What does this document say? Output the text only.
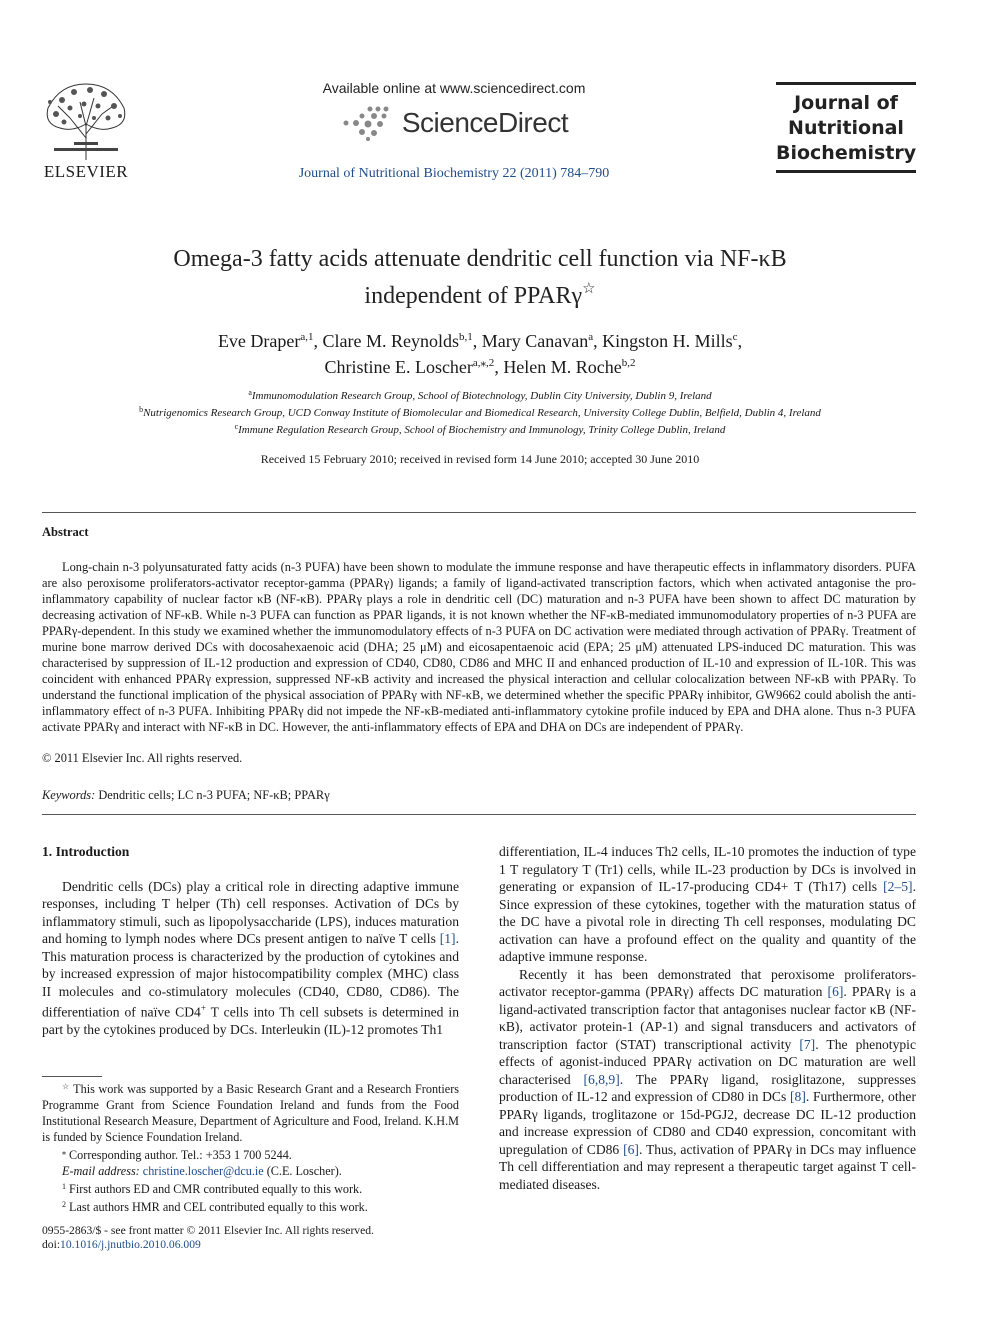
ELSEVIER
Available online at www.sciencedirect.com
ScienceDirect
Journal of Nutritional Biochemistry 22 (2011) 784–790
Journal of
Nutritional
Biochemistry
Omega-3 fatty acids attenuate dendritic cell function via NF-κB
independent of PPARγ☆
Eve Draper$^{a,1}$, Clare M. Reynolds$^{b,1}$, Mary Canavan$^a$, Kingston H. Mills$^c$,
Christine E. Loscher$^{a,⁎,2}$, Helen M. Roche$^{b,2}$
$^a$Immunomodulation Research Group, School of Biotechnology, Dublin City University, Dublin 9, Ireland
$^b$Nutrigenomics Research Group, UCD Conway Institute of Biomolecular and Biomedical Research, University College Dublin, Belfield, Dublin 4, Ireland
$^c$Immune Regulation Research Group, School of Biochemistry and Immunology, Trinity College Dublin, Ireland
Received 15 February 2010; received in revised form 14 June 2010; accepted 30 June 2010
Abstract
Long-chain n-3 polyunsaturated fatty acids (n-3 PUFA) have been shown to modulate the immune response and have therapeutic effects in inflammatory disorders. PUFA are also peroxisome proliferators-activator receptor-gamma (PPARγ) ligands; a family of ligand-activated transcription factors, which when activated antagonise the pro-inflammatory capability of nuclear factor κB (NF-κB). PPARγ plays a role in dendritic cell (DC) maturation and n-3 PUFA have been shown to affect DC maturation by decreasing activation of NF-κB. While n-3 PUFA can function as PPAR ligands, it is not known whether the NF-κB-mediated immunomodulatory properties of n-3 PUFA are PPARγ-dependent. In this study we examined whether the immunomodulatory effects of n-3 PUFA on DC activation were mediated through activation of PPARγ. Treatment of murine bone marrow derived DCs with docosahexaenoic acid (DHA; 25 μM) and eicosapentaenoic acid (EPA; 25 μM) attenuated LPS-induced DC maturation. This was characterised by suppression of IL-12 production and expression of CD40, CD80, CD86 and MHC II and enhanced production of IL-10 and expression of IL-10R. This was coincident with enhanced PPARγ expression, suppressed NF-κB activity and increased the physical interaction and cellular colocalization between NF-κB with PPARγ. To understand the functional implication of the physical association of PPARγ with NF-κB, we determined whether the specific PPARγ inhibitor, GW9662 could abolish the anti-inflammatory effect of n-3 PUFA. Inhibiting PPARγ did not impede the NF-κB-mediated anti-inflammatory cytokine profile induced by EPA and DHA alone. Thus n-3 PUFA activate PPARγ and interact with NF-κB in DC. However, the anti-inflammatory effects of EPA and DHA on DCs are independent of PPARγ.
© 2011 Elsevier Inc. All rights reserved.
Keywords: Dendritic cells; LC n-3 PUFA; NF-κB; PPARγ
1. Introduction

Dendritic cells (DCs) play a critical role in directing adaptive immune responses, including T helper (Th) cell responses. Activation of DCs by inflammatory stimuli, such as lipopolysaccharide (LPS), induces maturation and homing to lymph nodes where DCs present antigen to naïve T cells [1]. This maturation process is characterized by the production of cytokines and by increased expression of major histocompatibility complex (MHC) class II molecules and co-stimulatory molecules (CD40, CD80, CD86). The differentiation of naïve CD4+ T cells into Th cell subsets is determined in part by the cytokines produced by DCs. Interleukin (IL)-12 promotes Th1

☆ This work was supported by a Basic Research Grant and a Research Frontiers Programme Grant from Science Foundation Ireland and funds from the Food Institutional Research Measure, Department of Agriculture and Food, Ireland. K.H.M is funded by Science Foundation Ireland.

⁎ Corresponding author. Tel.: +353 1 700 5244.

E-mail address: christine.loscher@dcu.ie (C.E. Loscher).

$^1$ First authors ED and CMR contributed equally to this work.

$^2$ Last authors HMR and CEL contributed equally to this work.

0955-2863/$ - see front matter © 2011 Elsevier Inc. All rights reserved.
doi:10.1016/j.jnutbio.2010.06.009

differentiation, IL-4 induces Th2 cells, IL-10 promotes the induction of type 1 T regulatory T (Tr1) cells, while IL-23 production by DCs is involved in generating or expansion of IL-17-producing CD4+ T (Th17) cells [2–5]. Since expression of these cytokines, together with the maturation status of the DC have a pivotal role in directing Th cell responses, modulating DC activation can have a profound effect on the quality and quantity of the adaptive immune response.

Recently it has been demonstrated that peroxisome proliferators-activator receptor-gamma (PPARγ) affects DC maturation [6]. PPARγ is a ligand-activated transcription factor that antagonises nuclear factor κB (NF-κB), activator protein-1 (AP-1) and signal transducers and activators of transcription factor (STAT) transcriptional activity [7]. The phenotypic effects of agonist-induced PPARγ activation on DC maturation are well characterised [6,8,9]. The PPARγ ligand, rosiglitazone, suppresses production of IL-12 and expression of CD80 in DCs [8]. Furthermore, other PPARγ ligands, troglitazone or 15d-PGJ2, decrease DC IL-12 production and increase expression of CD80 and CD40 expression, concomitant with upregulation of CD86 [6]. Thus, activation of PPARγ in DCs may influence Th cell differentiation and may represent a therapeutic target against T cell-mediated diseases.
